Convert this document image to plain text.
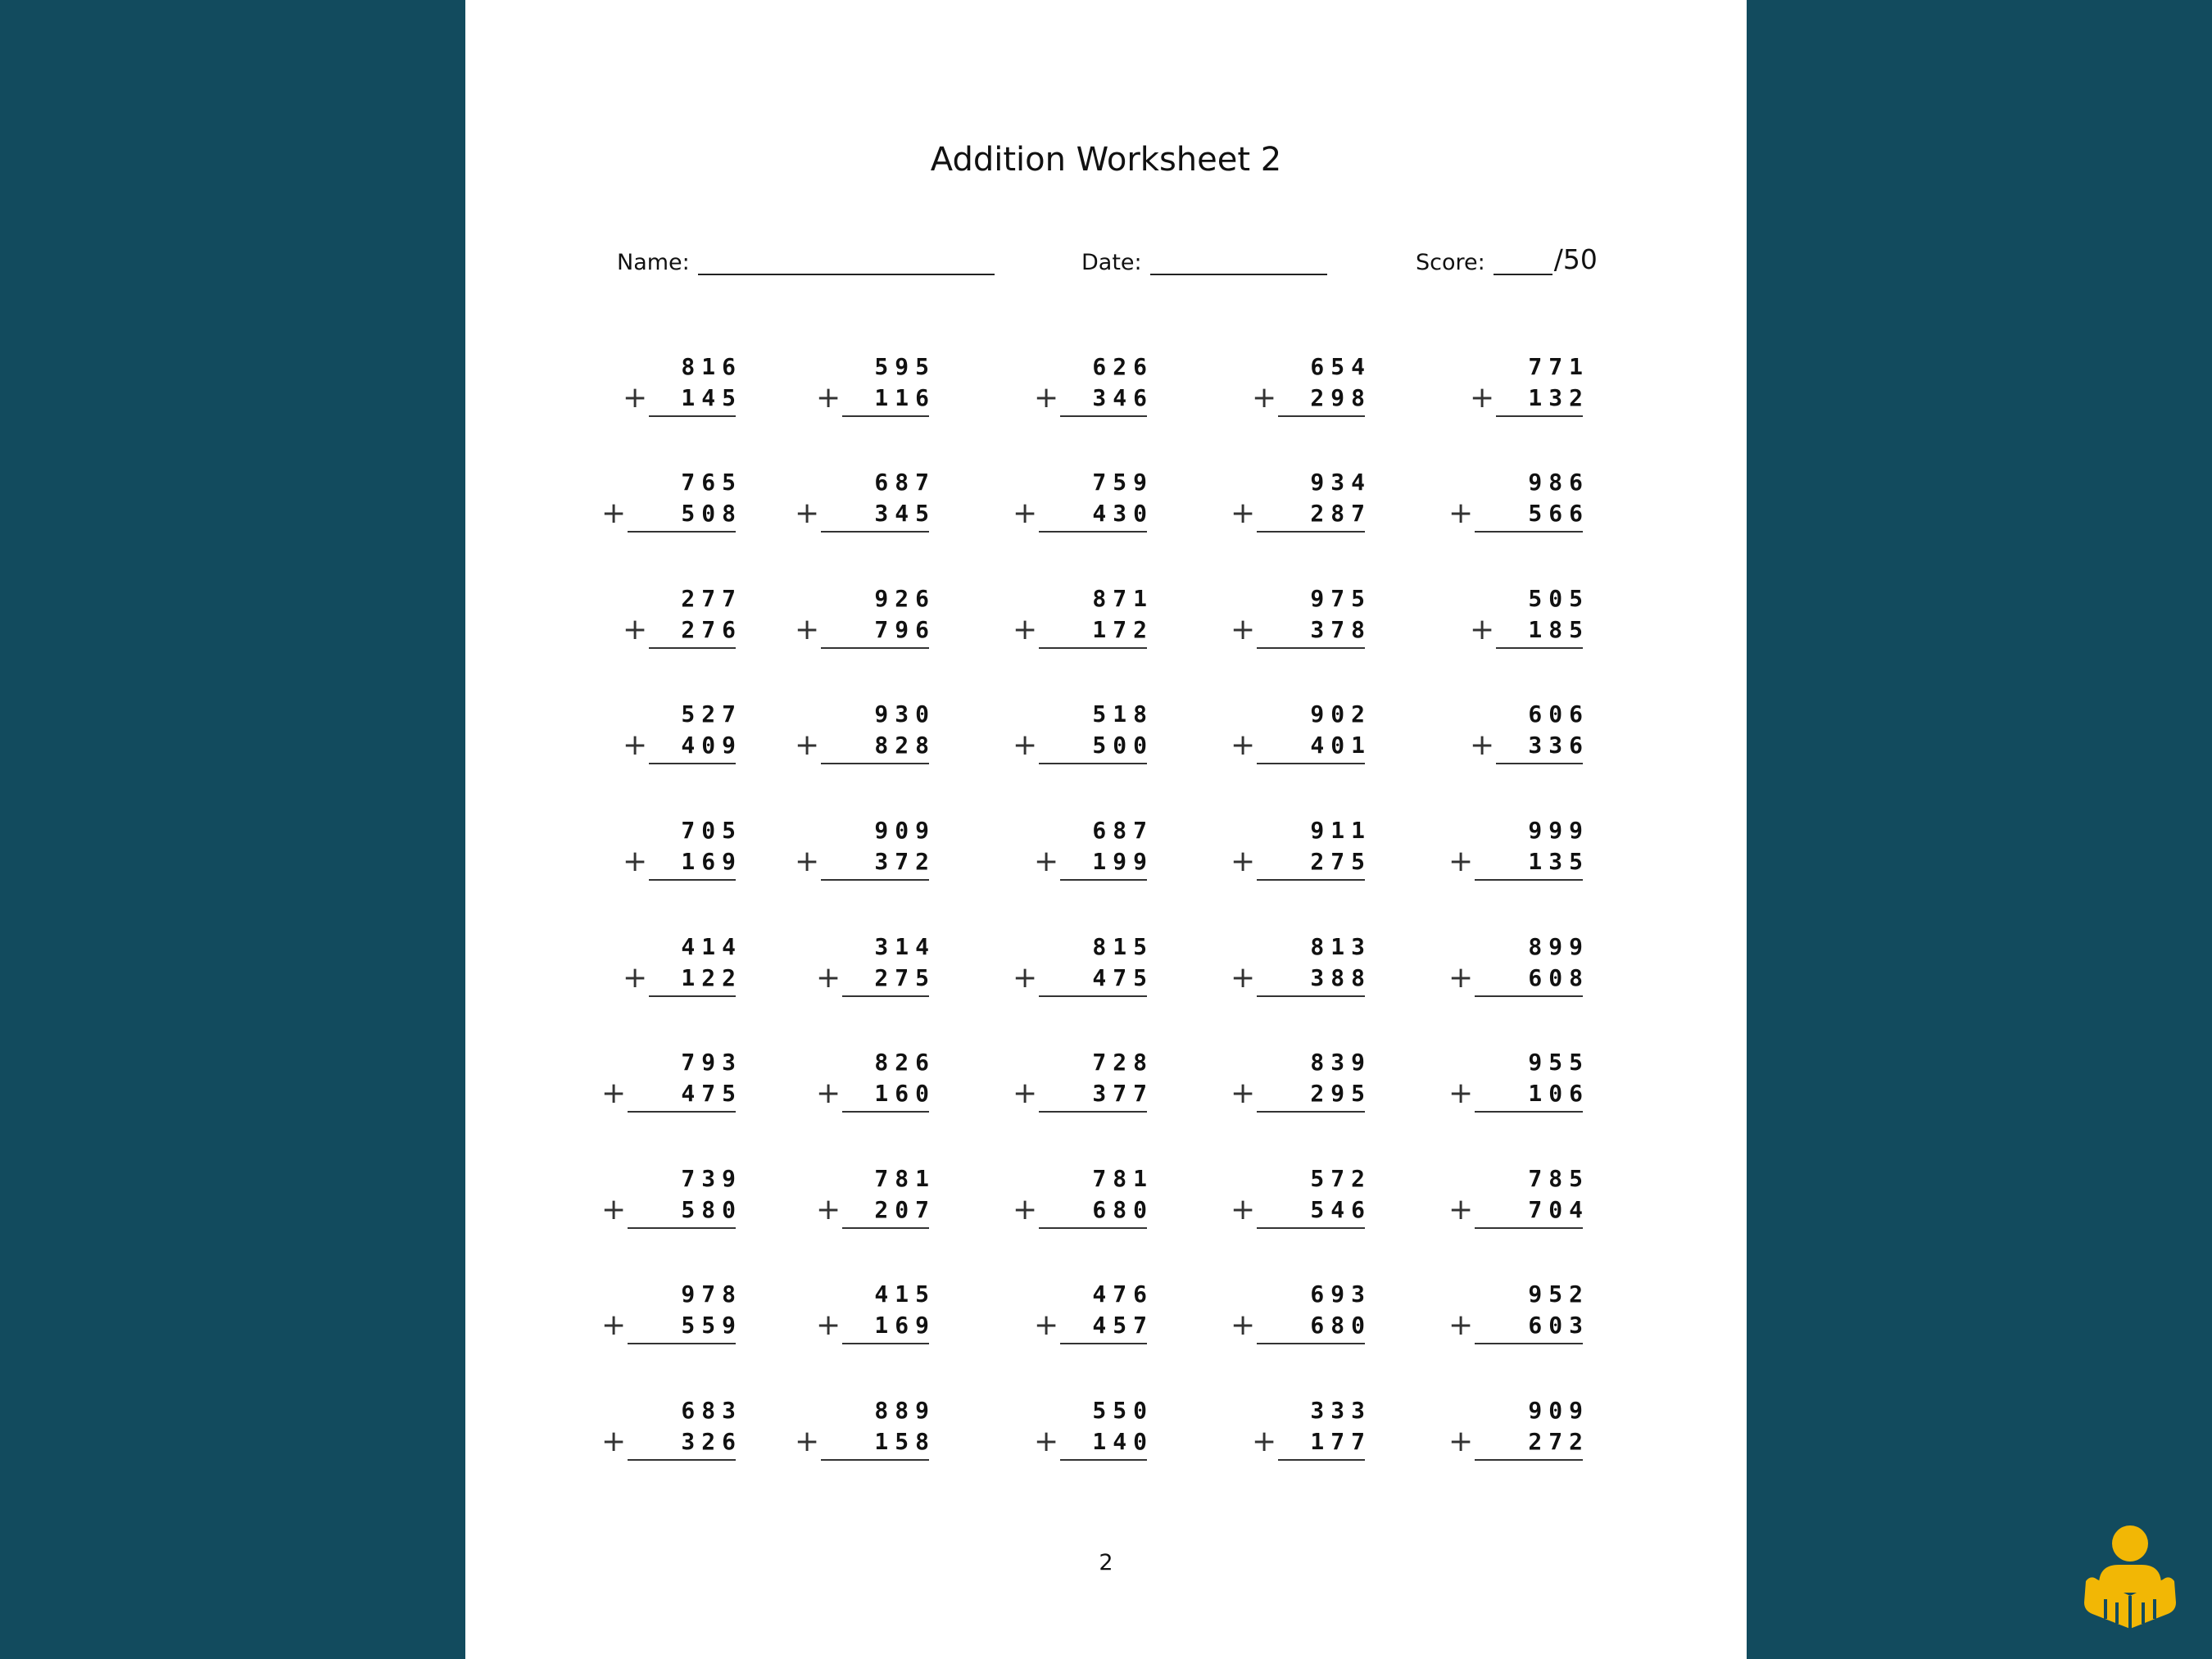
Addition Worksheet 2
Name:	Date:	Score:	/50
816
+ 145
595
+ 116
626
+ 346
654
+ 298
771
+ 132
765
+ 508
687
+ 345
759
+ 430
934
+ 287
986
+ 566
277
+ 276
926
+ 796
871
+ 172
975
+ 378
505
+ 185
527
+ 409
930
+ 828
518
+ 500
902
+ 401
606
+ 336
705
+ 169
909
+ 372
687
+ 199
911
+ 275
999
+ 135
414
+ 122
314
+ 275
815
+ 475
813
+ 388
899
+ 608
793
+ 475
826
+ 160
728
+ 377
839
+ 295
955
+ 106
739
+ 580
781
+ 207
781
+ 680
572
+ 546
785
+ 704
978
+ 559
415
+ 169
476
+ 457
693
+ 680
952
+ 603
683
+ 326
889
+ 158
550
+ 140
333
+ 177
909
+ 272
2
